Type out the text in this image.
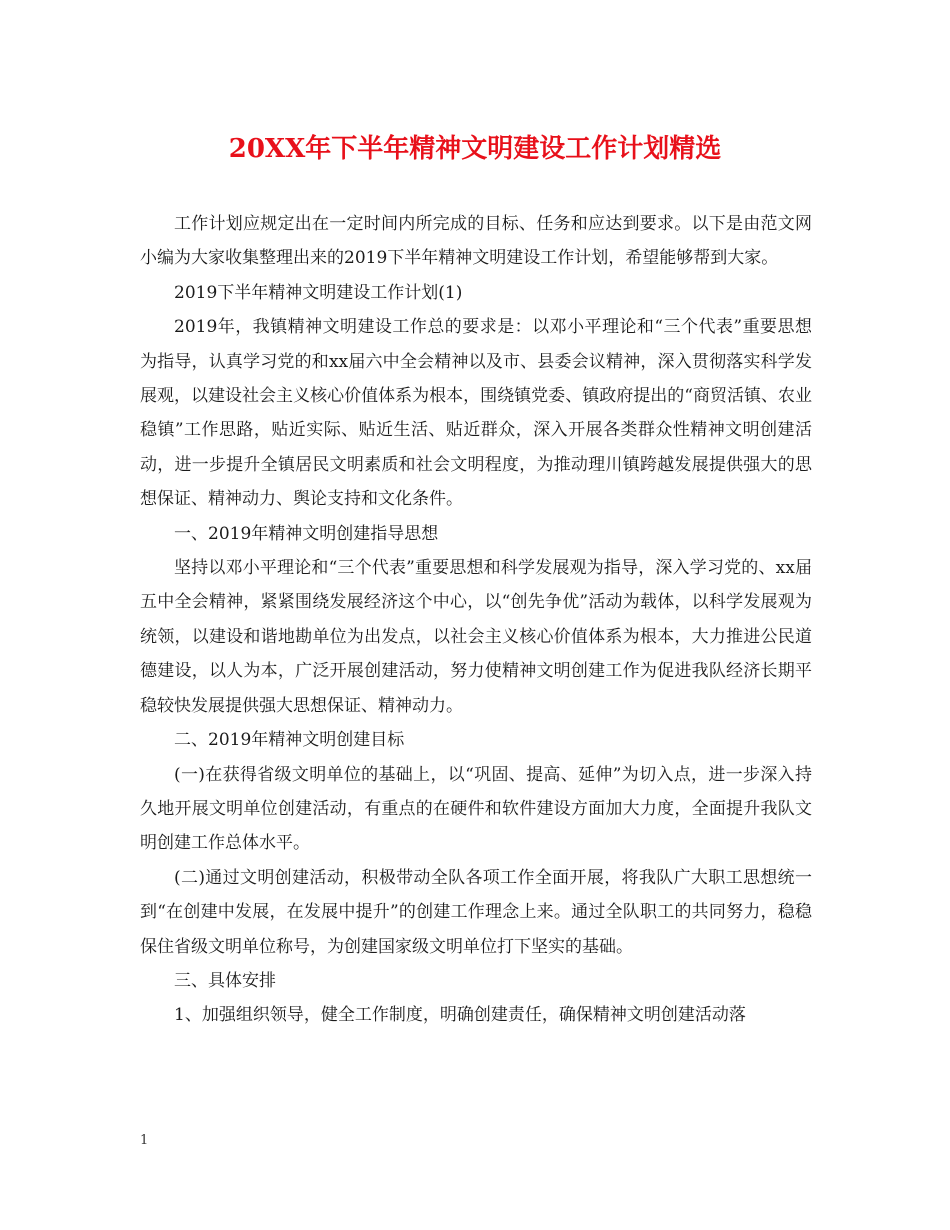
20XX年下半年精神文明建设工作计划精选

工作计划应规定出在一定时间内所完成的目标、任务和应达到要求。以下是由范文网小编为大家收集整理出来的2019下半年精神文明建设工作计划，希望能够帮到大家。

2019下半年精神文明建设工作计划(1)

2019年，我镇精神文明建设工作总的要求是：以邓小平理论和“三个代表”重要思想为指导，认真学习党的和xx届六中全会精神以及市、县委会议精神，深入贯彻落实科学发展观，以建设社会主义核心价值体系为根本，围绕镇党委、镇政府提出的“商贸活镇、农业稳镇”工作思路，贴近实际、贴近生活、贴近群众，深入开展各类群众性精神文明创建活动，进一步提升全镇居民文明素质和社会文明程度，为推动理川镇跨越发展提供强大的思想保证、精神动力、舆论支持和文化条件。

一、2019年精神文明创建指导思想

坚持以邓小平理论和“三个代表”重要思想和科学发展观为指导，深入学习党的、xx届五中全会精神，紧紧围绕发展经济这个中心，以“创先争优”活动为载体，以科学发展观为统领，以建设和谐地勘单位为出发点，以社会主义核心价值体系为根本，大力推进公民道德建设，以人为本，广泛开展创建活动，努力使精神文明创建工作为促进我队经济长期平稳较快发展提供强大思想保证、精神动力。

二、2019年精神文明创建目标

(一)在获得省级文明单位的基础上，以“巩固、提高、延伸”为切入点，进一步深入持久地开展文明单位创建活动，有重点的在硬件和软件建设方面加大力度，全面提升我队文明创建工作总体水平。

(二)通过文明创建活动，积极带动全队各项工作全面开展，将我队广大职工思想统一到“在创建中发展，在发展中提升”的创建工作理念上来。通过全队职工的共同努力，稳稳保住省级文明单位称号，为创建国家级文明单位打下坚实的基础。

三、具体安排

1、加强组织领导，健全工作制度，明确创建责任，确保精神文明创建活动落

1
